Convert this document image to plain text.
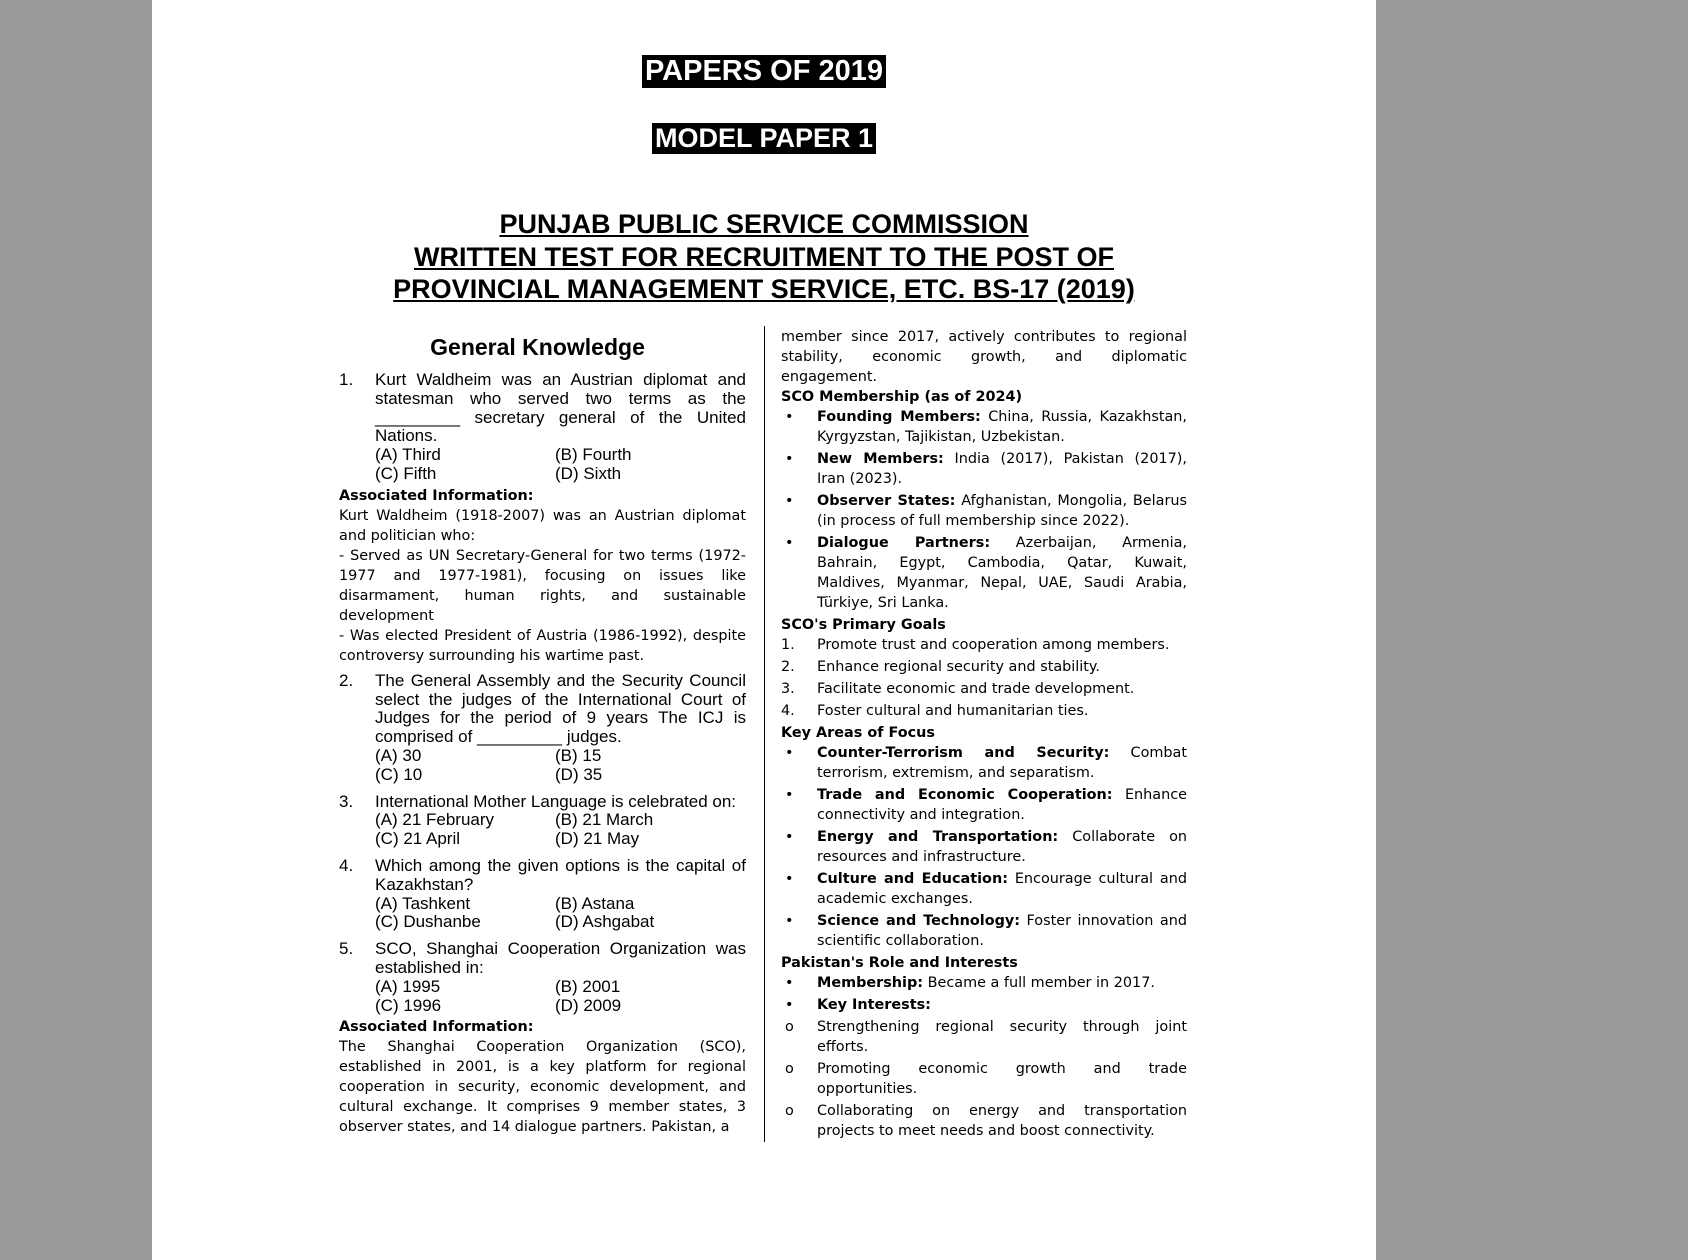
PAPERS OF 2019
MODEL PAPER 1
PUNJAB PUBLIC SERVICE COMMISSION
WRITTEN TEST FOR RECRUITMENT TO THE POST OF
PROVINCIAL MANAGEMENT SERVICE, ETC. BS-17 (2019)
General Knowledge
1. Kurt Waldheim was an Austrian diplomat and statesman who served two terms as the _________ secretary general of the United Nations.
(A) Third	(B) Fourth
(C) Fifth	(D) Sixth
Associated Information:
Kurt Waldheim (1918-2007) was an Austrian diplomat and politician who:
- Served as UN Secretary-General for two terms (1972-1977 and 1977-1981), focusing on issues like disarmament, human rights, and sustainable development
- Was elected President of Austria (1986-1992), despite controversy surrounding his wartime past.
2. The General Assembly and the Security Council select the judges of the International Court of Judges for the period of 9 years The ICJ is comprised of _________ judges.
(A) 30	(B) 15
(C) 10	(D) 35
3. International Mother Language is celebrated on:
(A) 21 February	(B) 21 March
(C) 21 April	(D) 21 May
4. Which among the given options is the capital of Kazakhstan?
(A) Tashkent	(B) Astana
(C) Dushanbe	(D) Ashgabat
5. SCO, Shanghai Cooperation Organization was established in:
(A) 1995	(B) 2001
(C) 1996	(D) 2009
Associated Information:
The Shanghai Cooperation Organization (SCO), established in 2001, is a key platform for regional cooperation in security, economic development, and cultural exchange. It comprises 9 member states, 3 observer states, and 14 dialogue partners. Pakistan, a
member since 2017, actively contributes to regional stability, economic growth, and diplomatic engagement.
SCO Membership (as of 2024)
• Founding Members: China, Russia, Kazakhstan, Kyrgyzstan, Tajikistan, Uzbekistan.
• New Members: India (2017), Pakistan (2017), Iran (2023).
• Observer States: Afghanistan, Mongolia, Belarus (in process of full membership since 2022).
• Dialogue Partners: Azerbaijan, Armenia, Bahrain, Egypt, Cambodia, Qatar, Kuwait, Maldives, Myanmar, Nepal, UAE, Saudi Arabia, Türkiye, Sri Lanka.
SCO's Primary Goals
1. Promote trust and cooperation among members.
2. Enhance regional security and stability.
3. Facilitate economic and trade development.
4. Foster cultural and humanitarian ties.
Key Areas of Focus
• Counter-Terrorism and Security: Combat terrorism, extremism, and separatism.
• Trade and Economic Cooperation: Enhance connectivity and integration.
• Energy and Transportation: Collaborate on resources and infrastructure.
• Culture and Education: Encourage cultural and academic exchanges.
• Science and Technology: Foster innovation and scientific collaboration.
Pakistan's Role and Interests
• Membership: Became a full member in 2017.
• Key Interests:
o Strengthening regional security through joint efforts.
o Promoting economic growth and trade opportunities.
o Collaborating on energy and transportation projects to meet needs and boost connectivity.
